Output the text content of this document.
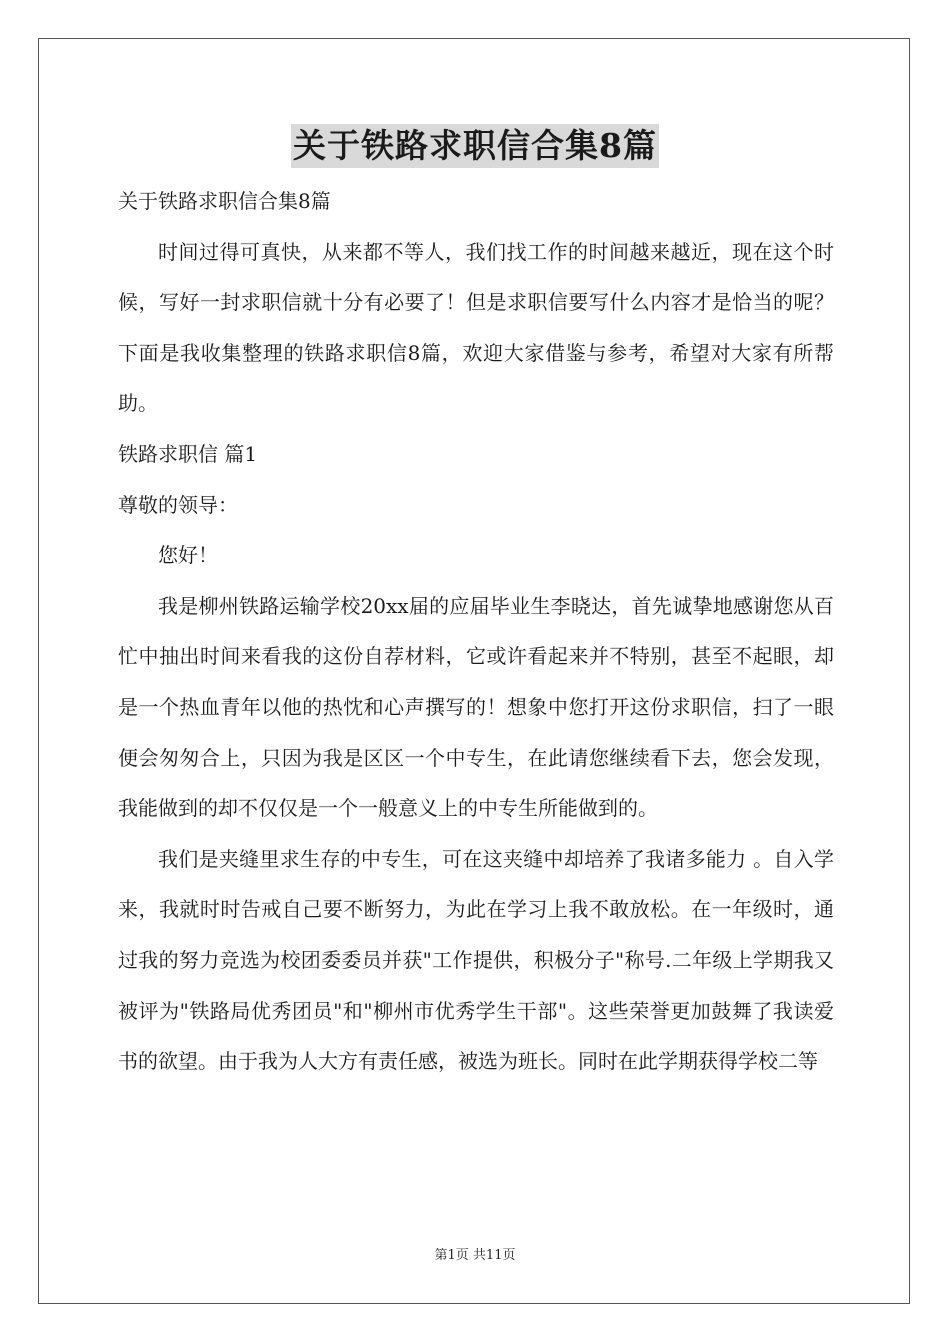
关于铁路求职信合集8篇

关于铁路求职信合集8篇

时间过得可真快，从来都不等人，我们找工作的时间越来越近，现在这个时候，写好一封求职信就十分有必要了！但是求职信要写什么内容才是恰当的呢？下面是我收集整理的铁路求职信8篇，欢迎大家借鉴与参考，希望对大家有所帮助。

铁路求职信 篇1

尊敬的领导：

您好！

我是柳州铁路运输学校20xx届的应届毕业生李晓达，首先诚挚地感谢您从百忙中抽出时间来看我的这份自荐材料，它或许看起来并不特别，甚至不起眼，却是一个热血青年以他的热忱和心声撰写的！想象中您打开这份求职信，扫了一眼便会匆匆合上，只因为我是区区一个中专生，在此请您继续看下去，您会发现，我能做到的却不仅仅是一个一般意义上的中专生所能做到的。

我们是夹缝里求生存的中专生，可在这夹缝中却培养了我诸多能力 。自入学来，我就时时告戒自己要不断努力，为此在学习上我不敢放松。在一年级时，通过我的努力竞选为校团委委员并获"工作提供，积极分子"称号.二年级上学期我又被评为"铁路局优秀团员"和"柳州市优秀学生干部"。这些荣誉更加鼓舞了我读爱书的欲望。由于我为人大方有责任感，被选为班长。同时在此学期获得学校二等

第1页 共11页
